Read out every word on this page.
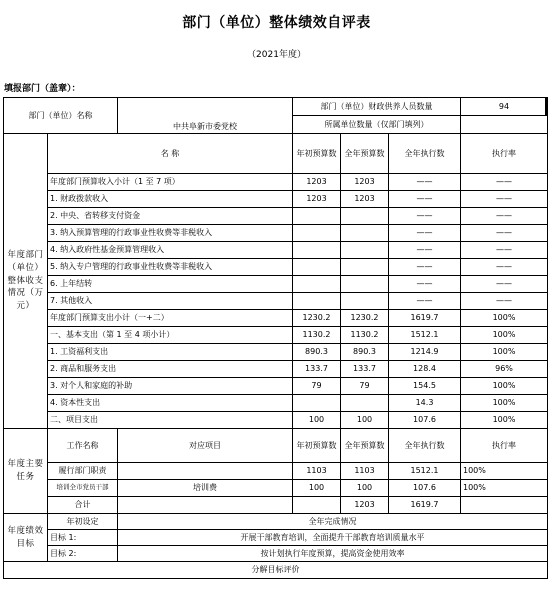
部门（单位）整体绩效自评表
（2021年度）
填报部门（盖章）：
部门（单位）名称		中共阜新市委党校	部门（单位）财政供养人员数量			94
			所属单位数量（仅部门填列）			
年度部门（单位）整体收支情况（万元）	名 称		年初预算数	全年预算数	全年执行数	执行率
	年度部门预算收入小计（1 至 7 项）		1203	1203	——	——
	1. 财政拨款收入		1203	1203	——	——
	2. 中央、省转移支付资金				——	——
	3. 纳入预算管理的行政事业性收费等非税收入				——	——
	4. 纳入政府性基金预算管理收入				——	——
	5. 纳入专户管理的行政事业性收费等非税收入				——	——
	6. 上年结转				——	——
	7. 其他收入				——	——
	年度部门预算支出小计（一+二）		1230.2	1230.2	1619.7	100%
	一、基本支出（第 1 至 4 项小计）		1130.2	1130.2	1512.1	100%
	1. 工资福利支出		890.3	890.3	1214.9	100%
	2. 商品和服务支出		133.7	133.7	128.4	96%
	3. 对个人和家庭的补助		79	79	154.5	100%
	4. 资本性支出				14.3	100%
	二、项目支出		100	100	107.6	100%
年度主要任务	工作名称	对应项目	年初预算数	全年预算数	全年执行数	执行率
	履行部门职责		1103	1103	1512.1	100%
	培训全市党员干部	培训费	100	100	107.6	100%
	合计			1203	1619.7	
年度绩效目标	年初设定	全年完成情况				
	目标 1:	开展干部教育培训，全面提升干部教育培训质量水平				
	目标 2:	按计划执行年度预算，提高资金使用效率				
分解目标评价						
